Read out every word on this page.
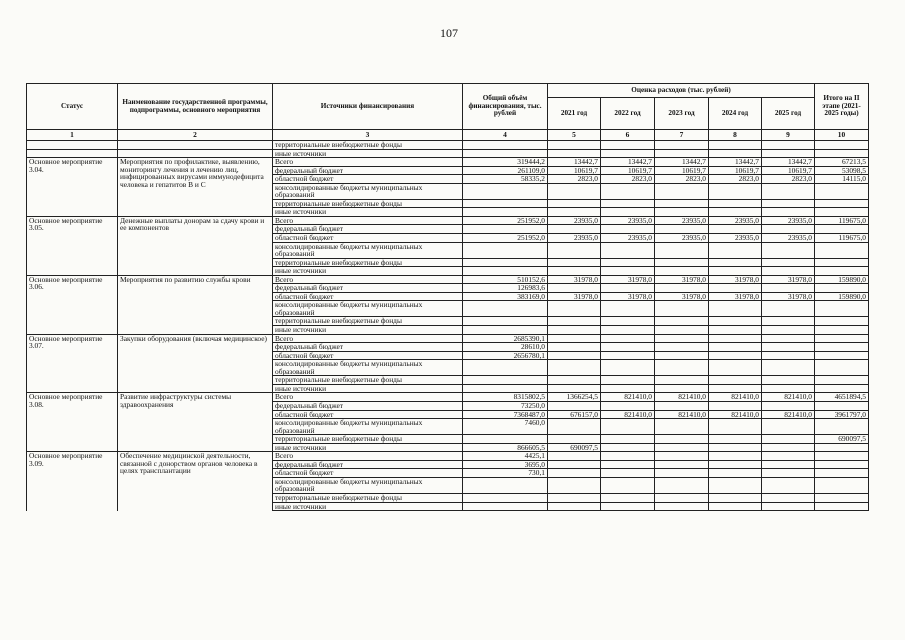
107
Статус	Наименование государственной программы, подпрограммы, основного мероприятия	Источники финансирования	Общий объём финансирования, тыс. рублей	Оценка расходов (тыс. рублей)					Итого на II этапе (2021-2025 годы)
				2021 год	2022 год	2023 год	2024 год	2025 год	
1	2	3	4	5	6	7	8	9	10
		территориальные внебюджетные фонды							
		иные источники							
Основное мероприятие 3.04.	Мероприятия по профилактике, выявлению, мониторингу лечения и лечению лиц, инфицированных вирусами иммунодефицита человека и гепатитов B и C	Всего	319444,2	13442,7	13442,7	13442,7	13442,7	13442,7	67213,5
		федеральный бюджет	261109,0	10619,7	10619,7	10619,7	10619,7	10619,7	53098,5
		областной бюджет	58335,2	2823,0	2823,0	2823,0	2823,0	2823,0	14115,0
		консолидированные бюджеты муниципальных образований							
		территориальные внебюджетные фонды							
		иные источники							
Основное мероприятие 3.05.	Денежные выплаты донорам за сдачу крови и ее компонентов	Всего	251952,0	23935,0	23935,0	23935,0	23935,0	23935,0	119675,0
		федеральный бюджет							
		областной бюджет	251952,0	23935,0	23935,0	23935,0	23935,0	23935,0	119675,0
		консолидированные бюджеты муниципальных образований							
		территориальные внебюджетные фонды							
		иные источники							
Основное мероприятие 3.06.	Мероприятия по развитию службы крови	Всего	510152,6	31978,0	31978,0	31978,0	31978,0	31978,0	159890,0
		федеральный бюджет	126983,6						
		областной бюджет	383169,0	31978,0	31978,0	31978,0	31978,0	31978,0	159890,0
		консолидированные бюджеты муниципальных образований							
		территориальные внебюджетные фонды							
		иные источники							
Основное мероприятие 3.07.	Закупки оборудования (включая медицинское)	Всего	2685390,1						
		федеральный бюджет	28610,0						
		областной бюджет	2656780,1						
		консолидированные бюджеты муниципальных образований							
		территориальные внебюджетные фонды							
		иные источники							
Основное мероприятие 3.08.	Развитие инфраструктуры системы здравоохранения	Всего	8315802,5	1366254,5	821410,0	821410,0	821410,0	821410,0	4651894,5
		федеральный бюджет	73250,0						
		областной бюджет	7368487,0	676157,0	821410,0	821410,0	821410,0	821410,0	3961797,0
		консолидированные бюджеты муниципальных образований	7460,0						
		территориальные внебюджетные фонды							690097,5
		иные источники	866605,5	690097,5					
Основное мероприятие 3.09.	Обеспечение медицинской деятельности, связанной с донорством органов человека в целях трансплантации	Всего	4425,1						
		федеральный бюджет	3695,0						
		областной бюджет	730,1						
		консолидированные бюджеты муниципальных образований							
		территориальные внебюджетные фонды							
		иные источники							
